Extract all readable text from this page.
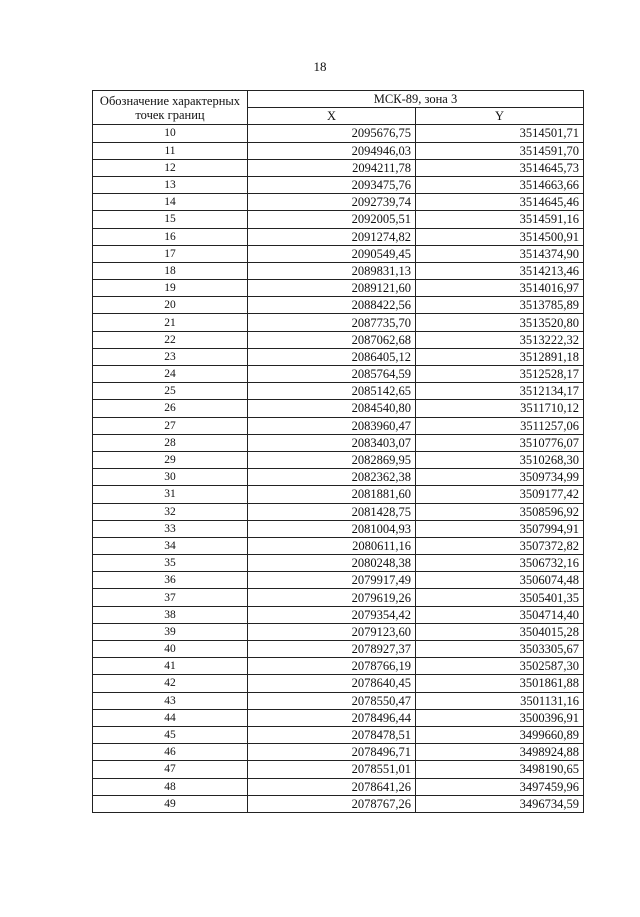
18
Обозначение характерных точек границ	МСК-89, зона 3	
	X	Y
10	2095676,75	3514501,71
11	2094946,03	3514591,70
12	2094211,78	3514645,73
13	2093475,76	3514663,66
14	2092739,74	3514645,46
15	2092005,51	3514591,16
16	2091274,82	3514500,91
17	2090549,45	3514374,90
18	2089831,13	3514213,46
19	2089121,60	3514016,97
20	2088422,56	3513785,89
21	2087735,70	3513520,80
22	2087062,68	3513222,32
23	2086405,12	3512891,18
24	2085764,59	3512528,17
25	2085142,65	3512134,17
26	2084540,80	3511710,12
27	2083960,47	3511257,06
28	2083403,07	3510776,07
29	2082869,95	3510268,30
30	2082362,38	3509734,99
31	2081881,60	3509177,42
32	2081428,75	3508596,92
33	2081004,93	3507994,91
34	2080611,16	3507372,82
35	2080248,38	3506732,16
36	2079917,49	3506074,48
37	2079619,26	3505401,35
38	2079354,42	3504714,40
39	2079123,60	3504015,28
40	2078927,37	3503305,67
41	2078766,19	3502587,30
42	2078640,45	3501861,88
43	2078550,47	3501131,16
44	2078496,44	3500396,91
45	2078478,51	3499660,89
46	2078496,71	3498924,88
47	2078551,01	3498190,65
48	2078641,26	3497459,96
49	2078767,26	3496734,59
